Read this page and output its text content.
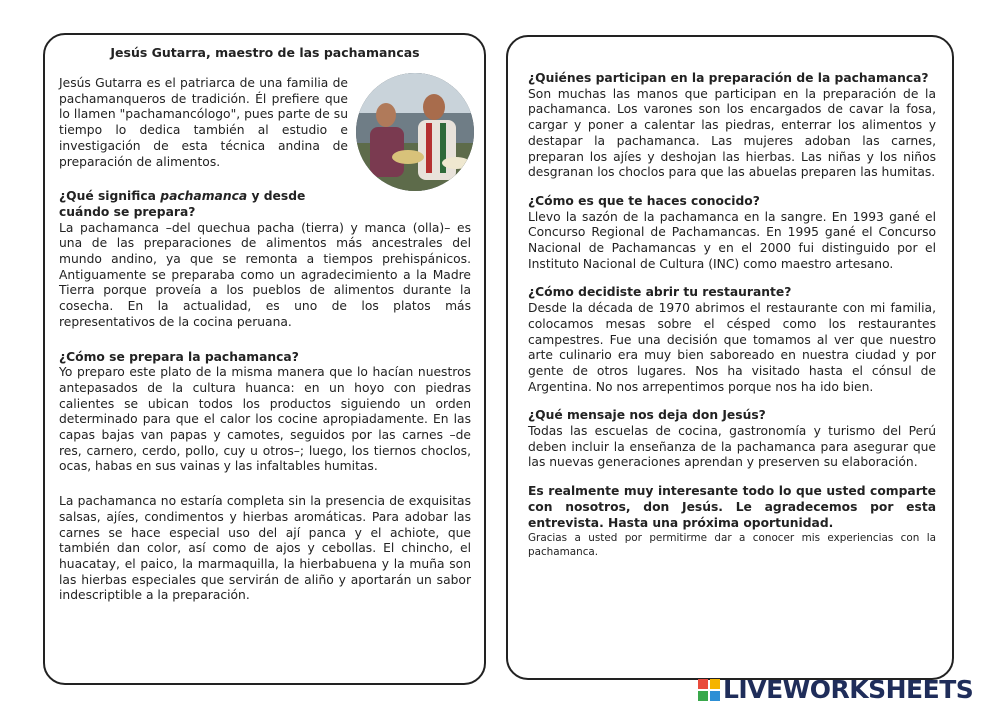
Jesús Gutarra, maestro de las pachamancas

Jesús Gutarra es el patriarca de una familia de pachamanqueros de tradición. Él prefiere que lo llamen "pachamancólogo", pues parte de su tiempo lo dedica también al estudio e investigación de esta técnica andina de preparación de alimentos.

¿Qué significa pachamanca y desde cuándo se prepara?

La pachamanca –del quechua pacha (tierra) y manca (olla)– es una de las preparaciones de alimentos más ancestrales del mundo andino, ya que se remonta a tiempos prehispánicos. Antiguamente se preparaba como un agradecimiento a la Madre Tierra porque proveía a los pueblos de alimentos durante la cosecha. En la actualidad, es uno de los platos más representativos de la cocina peruana.

¿Cómo se prepara la pachamanca?

Yo preparo este plato de la misma manera que lo hacían nuestros antepasados de la cultura huanca: en un hoyo con piedras calientes se ubican todos los productos siguiendo un orden determinado para que el calor los cocine apropiadamente. En las capas bajas van papas y camotes, seguidos por las carnes –de res, carnero, cerdo, pollo, cuy u otros–; luego, los tiernos choclos, ocas, habas en sus vainas y las infaltables humitas.

La pachamanca no estaría completa sin la presencia de exquisitas salsas, ajíes, condimentos y hierbas aromáticas. Para adobar las carnes se hace especial uso del ají panca y el achiote, que también dan color, así como de ajos y cebollas. El chincho, el huacatay, el paico, la marmaquilla, la hierbabuena y la muña son las hierbas especiales que servirán de aliño y aportarán un sabor indescriptible a la preparación.

¿Quiénes participan en la preparación de la pachamanca?

Son muchas las manos que participan en la preparación de la pachamanca. Los varones son los encargados de cavar la fosa, cargar y poner a calentar las piedras, enterrar los alimentos y destapar la pachamanca. Las mujeres adoban las carnes, preparan los ajíes y deshojan las hierbas. Las niñas y los niños desgranan los choclos para que las abuelas preparen las humitas.

¿Cómo es que te haces conocido?

Llevo la sazón de la pachamanca en la sangre. En 1993 gané el Concurso Regional de Pachamancas. En 1995 gané el Concurso Nacional de Pachamancas y en el 2000 fui distinguido por el Instituto Nacional de Cultura (INC) como maestro artesano.

¿Cómo decidiste abrir tu restaurante?

Desde la década de 1970 abrimos el restaurante con mi familia, colocamos mesas sobre el césped como los restaurantes campestres. Fue una decisión que tomamos al ver que nuestro arte culinario era muy bien saboreado en nuestra ciudad y por gente de otros lugares. Nos ha visitado hasta el cónsul de Argentina. No nos arrepentimos porque nos ha ido bien.

¿Qué mensaje nos deja don Jesús?

Todas las escuelas de cocina, gastronomía y turismo del Perú deben incluir la enseñanza de la pachamanca para asegurar que las nuevas generaciones aprendan y preserven su elaboración.

Es realmente muy interesante todo lo que usted comparte con nosotros, don Jesús. Le agradecemos por esta entrevista. Hasta una próxima oportunidad.

Gracias a usted por permitirme dar a conocer mis experiencias con la pachamanca.

LIVEWORKSHEETS
